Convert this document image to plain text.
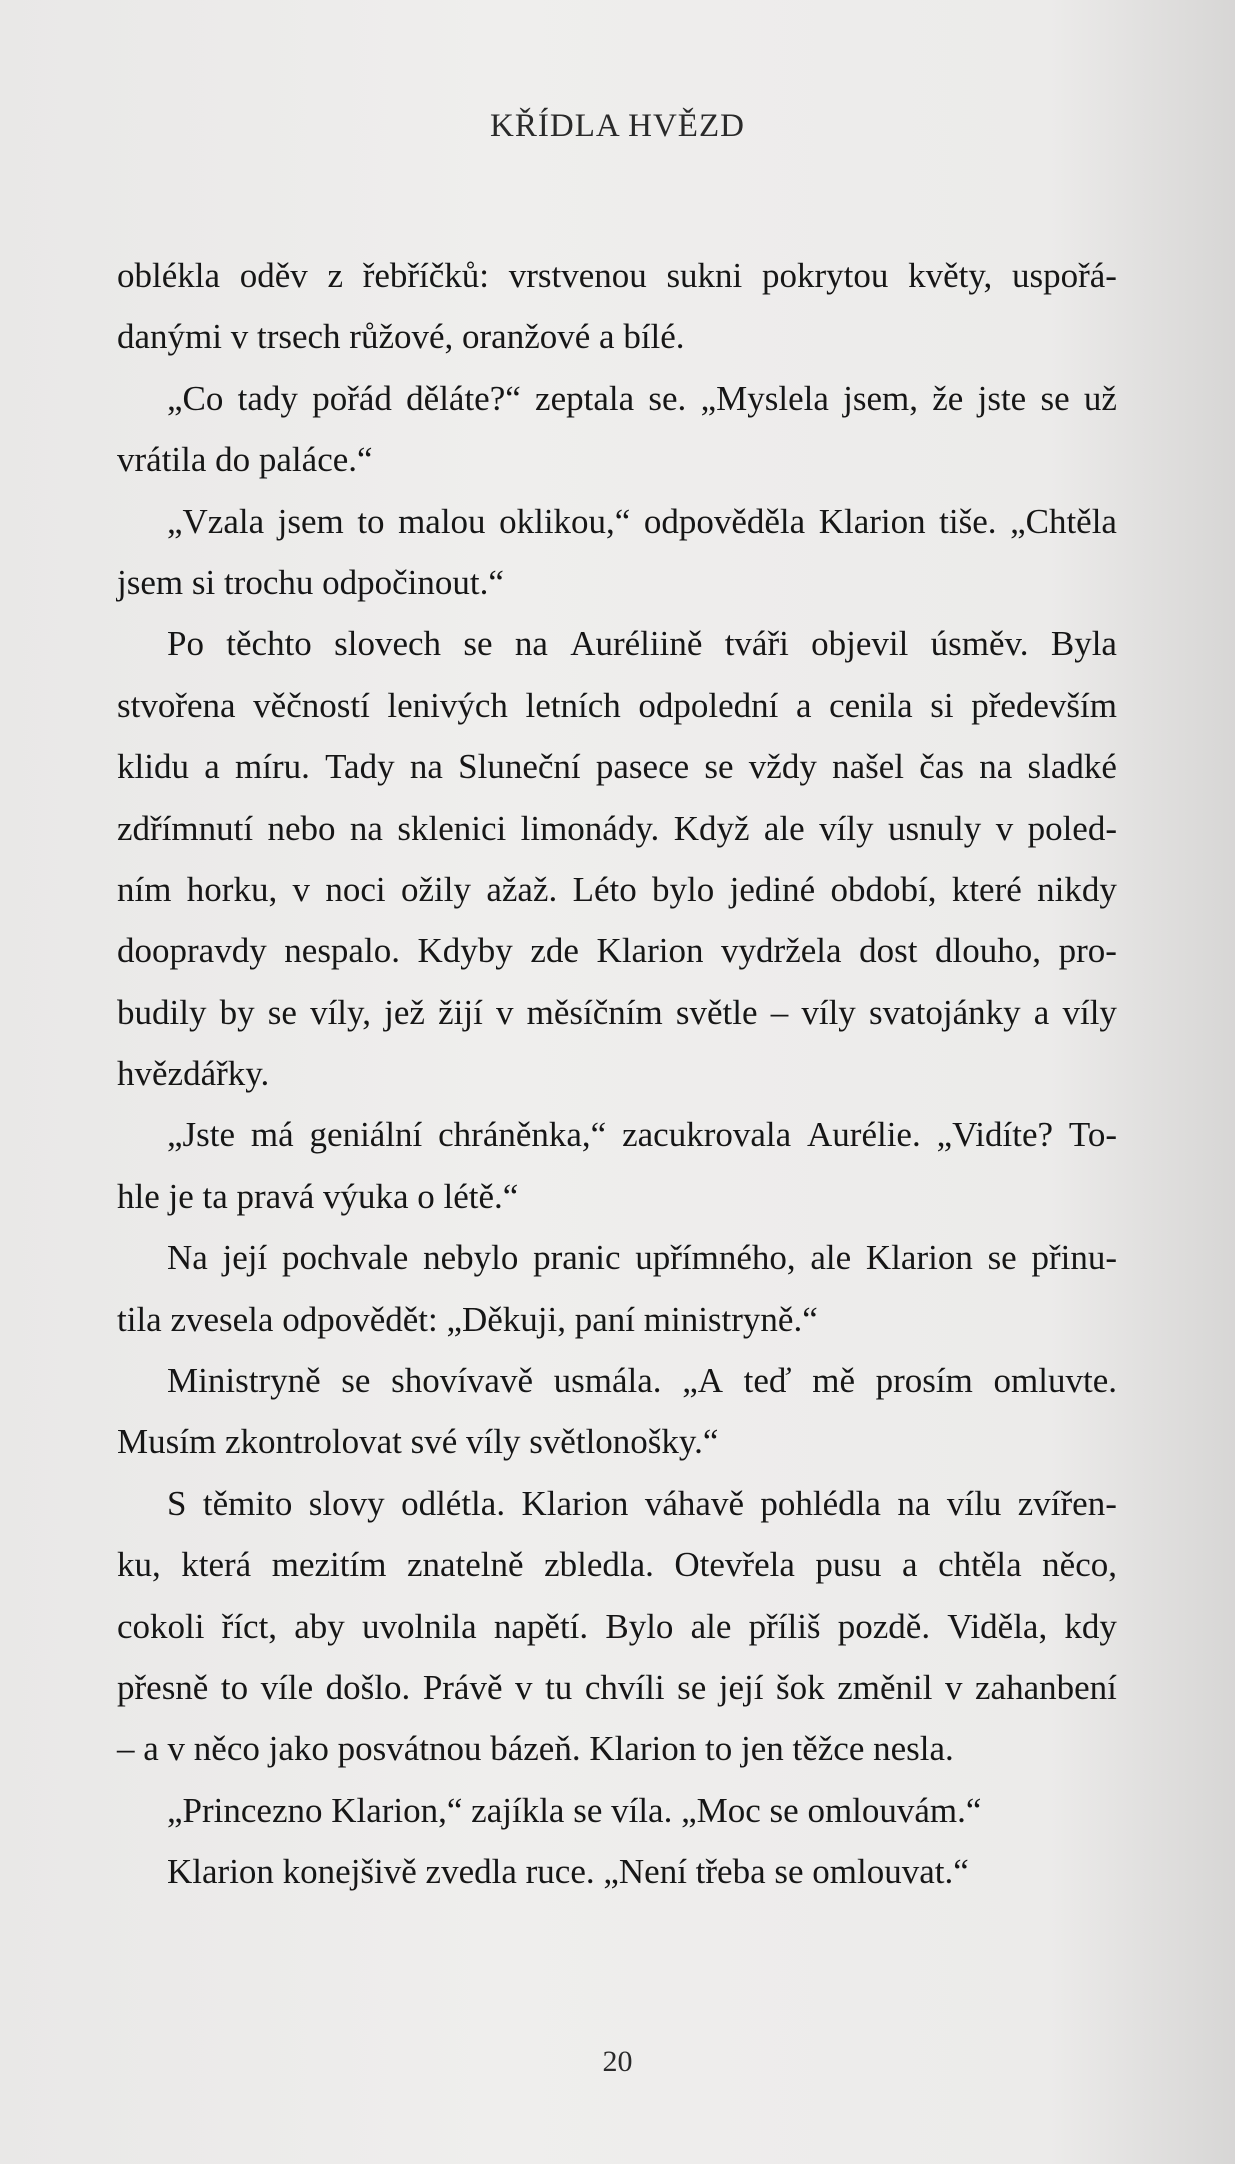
KŘÍDLA HVĚZD
oblékla oděv z řebříčků: vrstvenou sukni pokrytou květy, uspořá-
danými v trsech růžové, oranžové a bílé.
„Co tady pořád děláte?“ zeptala se. „Myslela jsem, že jste se už
vrátila do paláce.“
„Vzala jsem to malou oklikou,“ odpověděla Klarion tiše. „Chtěla
jsem si trochu odpočinout.“
Po těchto slovech se na Auréliině tváři objevil úsměv. Byla
stvořena věčností lenivých letních odpolední a cenila si především
klidu a míru. Tady na Sluneční pasece se vždy našel čas na sladké
zdřímnutí nebo na sklenici limonády. Když ale víly usnuly v poled-
ním horku, v noci ožily ažaž. Léto bylo jediné období, které nikdy
doopravdy nespalo. Kdyby zde Klarion vydržela dost dlouho, pro-
budily by se víly, jež žijí v měsíčním světle – víly svatojánky a víly
hvězdářky.
„Jste má geniální chráněnka,“ zacukrovala Aurélie. „Vidíte? To-
hle je ta pravá výuka o létě.“
Na její pochvale nebylo pranic upřímného, ale Klarion se přinu-
tila zvesela odpovědět: „Děkuji, paní ministryně.“
Ministryně se shovívavě usmála. „A teď mě prosím omluvte.
Musím zkontrolovat své víly světlonošky.“
S těmito slovy odlétla. Klarion váhavě pohlédla na vílu zvířen-
ku, která mezitím znatelně zbledla. Otevřela pusu a chtěla něco,
cokoli říct, aby uvolnila napětí. Bylo ale příliš pozdě. Viděla, kdy
přesně to víle došlo. Právě v tu chvíli se její šok změnil v zahanbení
– a v něco jako posvátnou bázeň. Klarion to jen těžce nesla.
„Princezno Klarion,“ zajíkla se víla. „Moc se omlouvám.“
Klarion konejšivě zvedla ruce. „Není třeba se omlouvat.“
20
